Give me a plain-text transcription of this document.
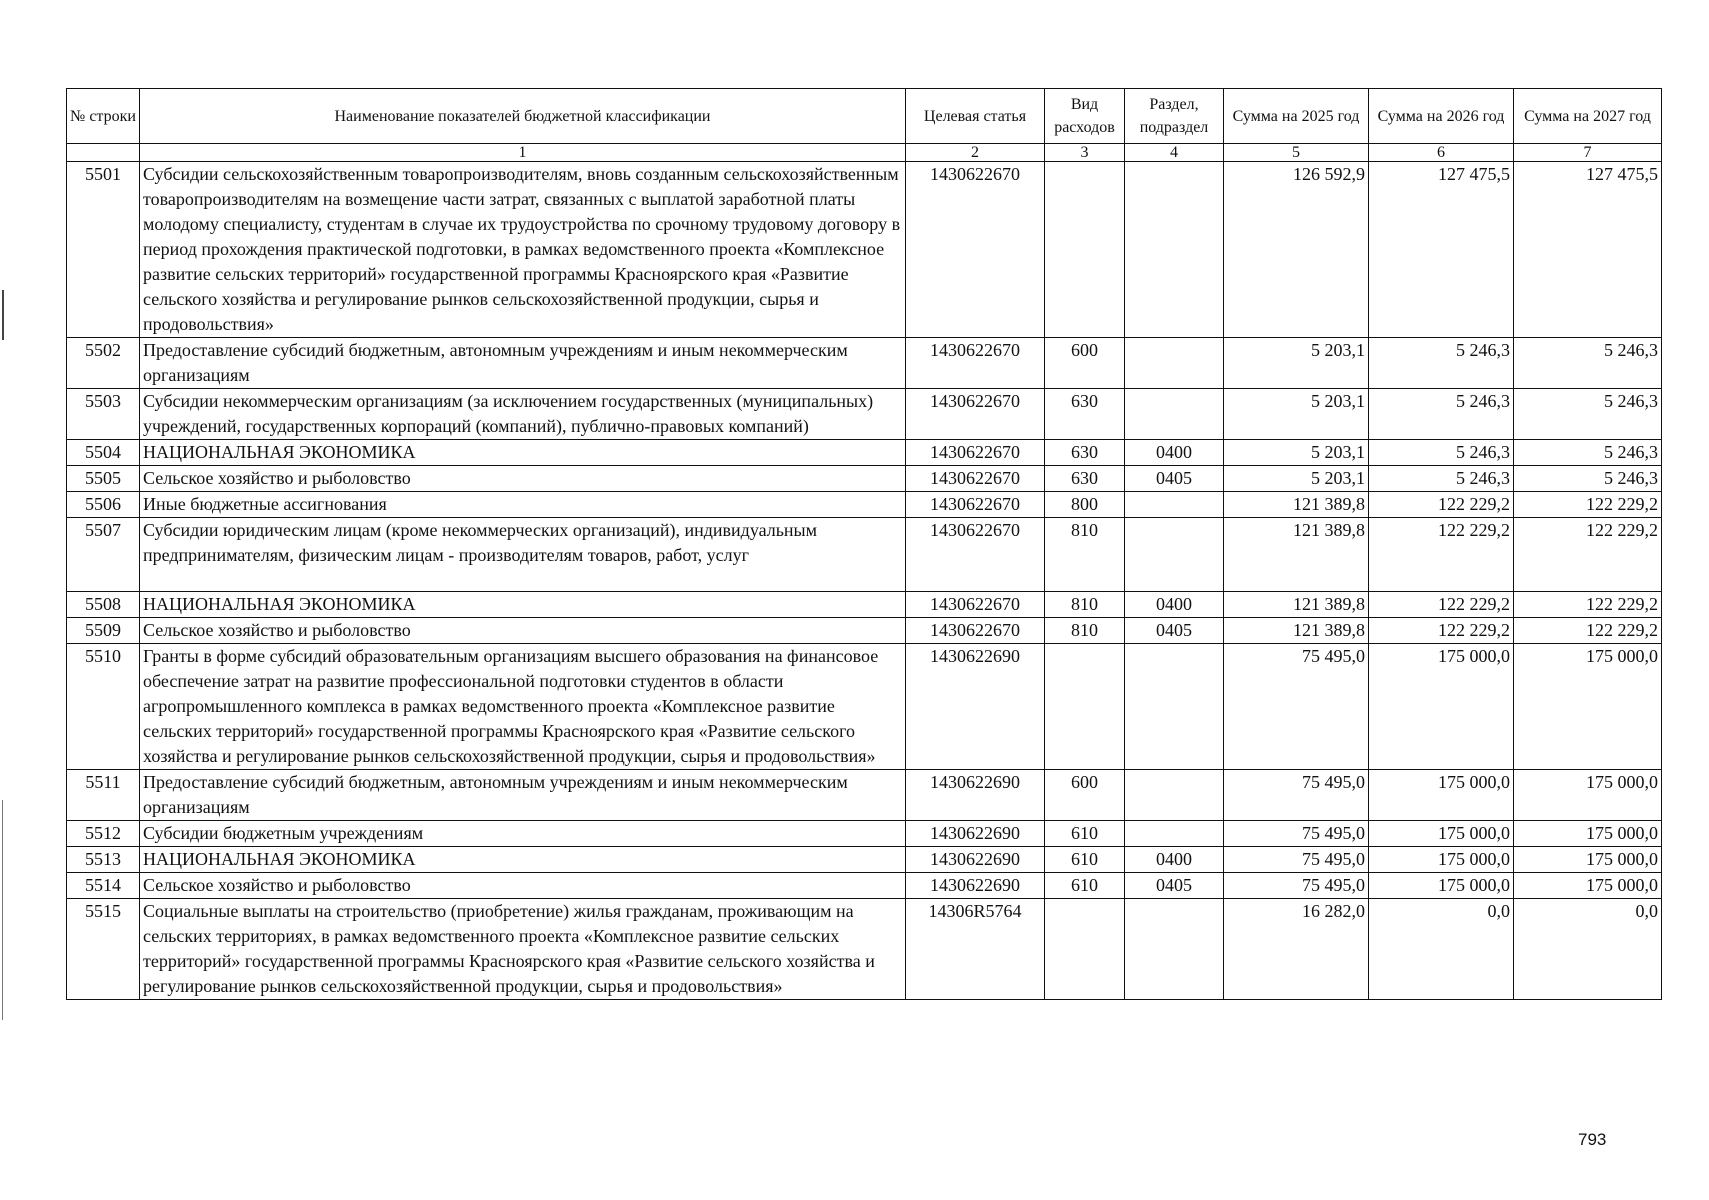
№ строки	Наименование показателей бюджетной классификации	Целевая статья	Вид расходов	Раздел, подраздел	Сумма на 2025 год	Сумма на 2026 год	Сумма на 2027 год
	1	2	3	4	5	6	7
5501	Субсидии сельскохозяйственным товаропроизводителям, вновь созданным сельскохозяйственным товаропроизводителям на возмещение части затрат, связанных с выплатой заработной платы молодому специалисту, студентам в случае их трудоустройства по срочному трудовому договору в период прохождения практической подготовки, в рамках ведомственного проекта «Комплексное развитие сельских территорий» государственной программы Красноярского края «Развитие сельского хозяйства и регулирование рынков сельскохозяйственной продукции, сырья и продовольствия»	1430622670			126 592,9	127 475,5	127 475,5
5502	Предоставление субсидий бюджетным, автономным учреждениям и иным некоммерческим организациям	1430622670	600		5 203,1	5 246,3	5 246,3
5503	Субсидии некоммерческим организациям (за исключением государственных (муниципальных) учреждений, государственных корпораций (компаний), публично-правовых компаний)	1430622670	630		5 203,1	5 246,3	5 246,3
5504	НАЦИОНАЛЬНАЯ ЭКОНОМИКА	1430622670	630	0400	5 203,1	5 246,3	5 246,3
5505	Сельское хозяйство и рыболовство	1430622670	630	0405	5 203,1	5 246,3	5 246,3
5506	Иные бюджетные ассигнования	1430622670	800		121 389,8	122 229,2	122 229,2
5507	Субсидии юридическим лицам (кроме некоммерческих организаций), индивидуальным предпринимателям, физическим лицам - производителям товаров, работ, услуг	1430622670	810		121 389,8	122 229,2	122 229,2
5508	НАЦИОНАЛЬНАЯ ЭКОНОМИКА	1430622670	810	0400	121 389,8	122 229,2	122 229,2
5509	Сельское хозяйство и рыболовство	1430622670	810	0405	121 389,8	122 229,2	122 229,2
5510	Гранты в форме субсидий образовательным организациям высшего образования на финансовое обеспечение затрат на развитие профессиональной подготовки студентов в области агропромышленного комплекса в рамках ведомственного проекта «Комплексное развитие сельских территорий» государственной программы Красноярского края «Развитие сельского хозяйства и регулирование рынков сельскохозяйственной продукции, сырья и продовольствия»	1430622690			75 495,0	175 000,0	175 000,0
5511	Предоставление субсидий бюджетным, автономным учреждениям и иным некоммерческим организациям	1430622690	600		75 495,0	175 000,0	175 000,0
5512	Субсидии бюджетным учреждениям	1430622690	610		75 495,0	175 000,0	175 000,0
5513	НАЦИОНАЛЬНАЯ ЭКОНОМИКА	1430622690	610	0400	75 495,0	175 000,0	175 000,0
5514	Сельское хозяйство и рыболовство	1430622690	610	0405	75 495,0	175 000,0	175 000,0
5515	Социальные выплаты на строительство (приобретение) жилья гражданам, проживающим на сельских территориях, в рамках ведомственного проекта «Комплексное развитие сельских территорий» государственной программы Красноярского края «Развитие сельского хозяйства и регулирование рынков сельскохозяйственной продукции, сырья и продовольствия»	14306R5764			16 282,0	0,0	0,0
793
